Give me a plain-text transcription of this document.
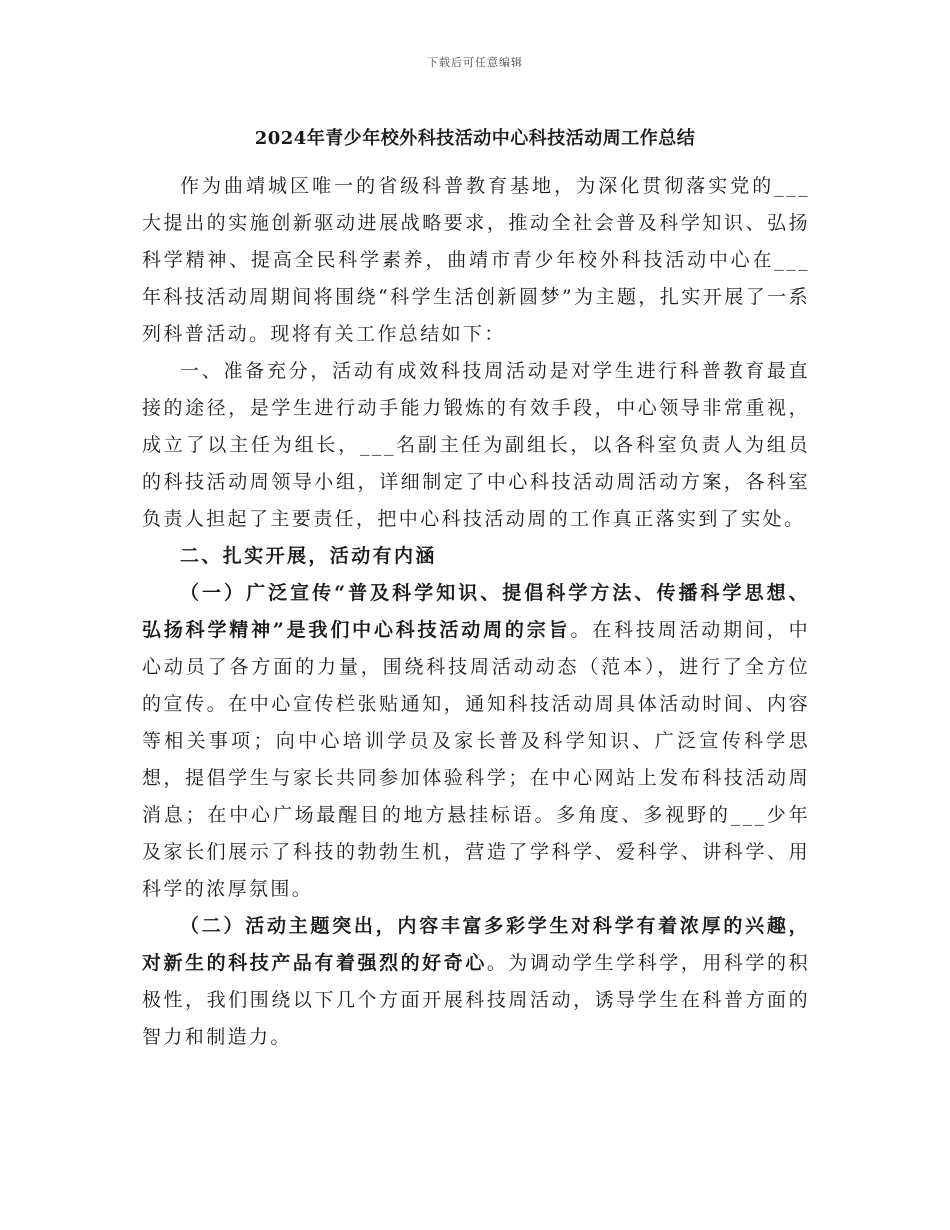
下载后可任意编辑
2024年青少年校外科技活动中心科技活动周工作总结

作为曲靖城区唯一的省级科普教育基地，为深化贯彻落实党的___大提出的实施创新驱动进展战略要求，推动全社会普及科学知识、弘扬科学精神、提高全民科学素养，曲靖市青少年校外科技活动中心在___年科技活动周期间将围绕“科学生活创新圆梦”为主题，扎实开展了一系列科普活动。现将有关工作总结如下：

一、准备充分，活动有成效科技周活动是对学生进行科普教育最直接的途径，是学生进行动手能力锻炼的有效手段，中心领导非常重视，成立了以主任为组长，___名副主任为副组长，以各科室负责人为组员的科技活动周领导小组，详细制定了中心科技活动周活动方案，各科室负责人担起了主要责任，把中心科技活动周的工作真正落实到了实处。

二、扎实开展，活动有内涵

（一）广泛宣传“普及科学知识、提倡科学方法、传播科学思想、弘扬科学精神”是我们中心科技活动周的宗旨。在科技周活动期间，中心动员了各方面的力量，围绕科技周活动动态（范本），进行了全方位的宣传。在中心宣传栏张贴通知，通知科技活动周具体活动时间、内容等相关事项；向中心培训学员及家长普及科学知识、广泛宣传科学思想，提倡学生与家长共同参加体验科学；在中心网站上发布科技活动周消息；在中心广场最醒目的地方悬挂标语。多角度、多视野的___少年及家长们展示了科技的勃勃生机，营造了学科学、爱科学、讲科学、用科学的浓厚氛围。

（二）活动主题突出，内容丰富多彩学生对科学有着浓厚的兴趣，对新生的科技产品有着强烈的好奇心。为调动学生学科学，用科学的积极性，我们围绕以下几个方面开展科技周活动，诱导学生在科普方面的智力和制造力。
